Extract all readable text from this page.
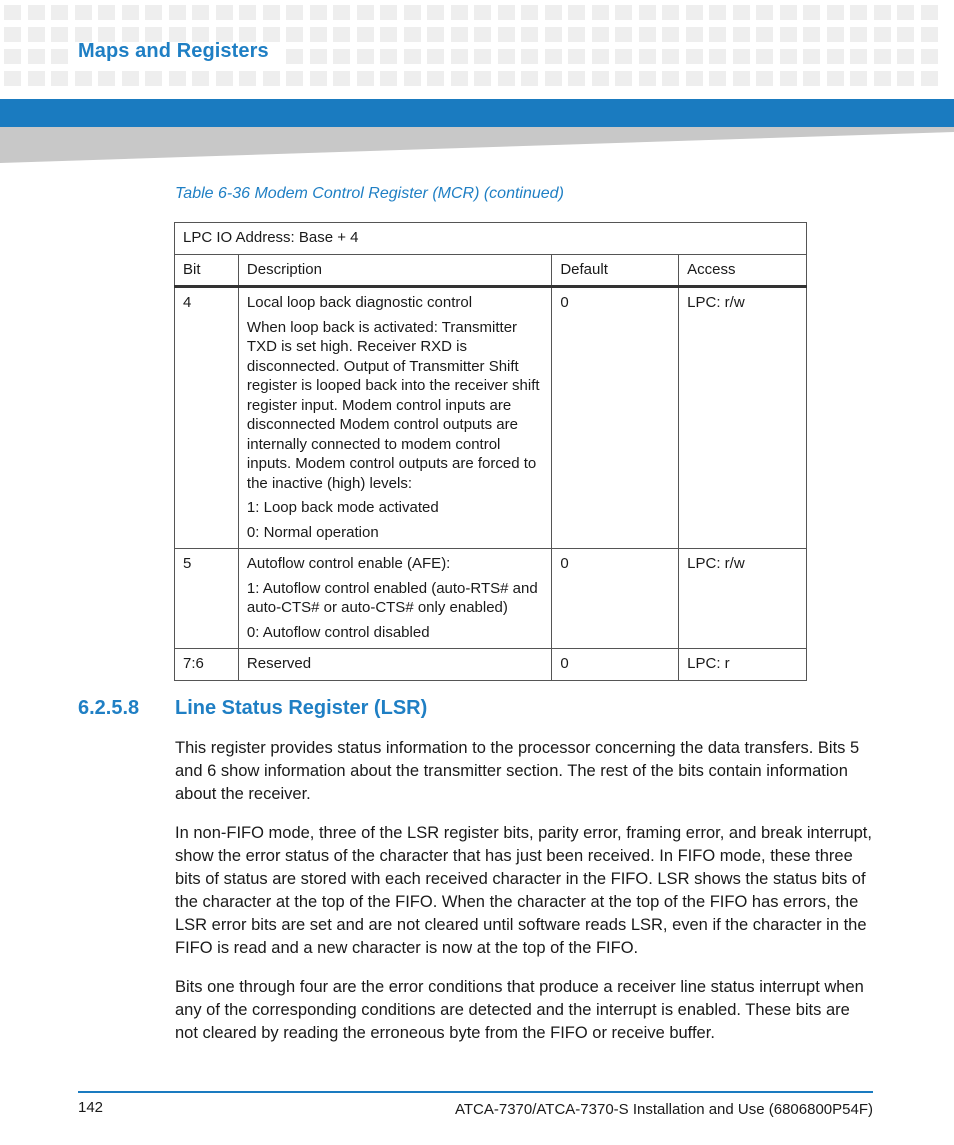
Maps and Registers
Table 6-36 Modem Control Register (MCR) (continued)
LPC IO Address: Base + 4			
Bit	Description	Default	Access
4	Local loop back diagnostic control

When loop back is activated: Transmitter TXD is set high. Receiver RXD is disconnected. Output of Transmitter Shift register is looped back into the receiver shift register input. Modem control inputs are disconnected Modem control outputs are internally connected to modem control inputs. Modem control outputs are forced to the inactive (high) levels:

1: Loop back mode activated

0: Normal operation	0	LPC: r/w
5	Autoflow control enable (AFE):

1: Autoflow control enabled (auto-RTS# and auto-CTS# or auto-CTS# only enabled)

0: Autoflow control disabled	0	LPC: r/w
7:6	Reserved	0	LPC: r
6.2.5.8 Line Status Register (LSR)

This register provides status information to the processor concerning the data transfers. Bits 5 and 6 show information about the transmitter section. The rest of the bits contain information about the receiver.

In non-FIFO mode, three of the LSR register bits, parity error, framing error, and break interrupt, show the error status of the character that has just been received. In FIFO mode, these three bits of status are stored with each received character in the FIFO. LSR shows the status bits of the character at the top of the FIFO. When the character at the top of the FIFO has errors, the LSR error bits are set and are not cleared until software reads LSR, even if the character in the FIFO is read and a new character is now at the top of the FIFO.

Bits one through four are the error conditions that produce a receiver line status interrupt when any of the corresponding conditions are detected and the interrupt is enabled. These bits are not cleared by reading the erroneous byte from the FIFO or receive buffer.

142	ATCA-7370/ATCA-7370-S Installation and Use (6806800P54F)
